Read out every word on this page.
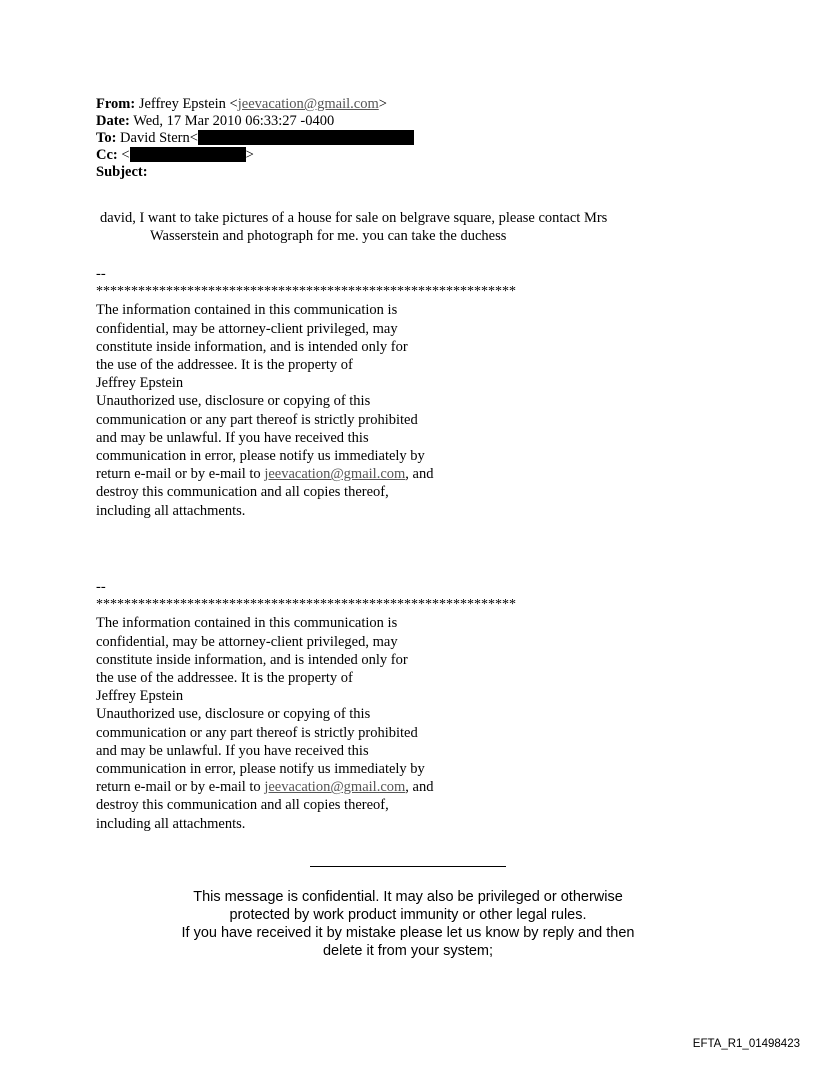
From: Jeffrey Epstein <jeevacation@gmail.com>
Date: Wed, 17 Mar 2010 06:33:27 -0400
To: David Stern<
Cc: <	>
Subject:
david, I want to take pictures of a house for sale on belgrave square, please contact Mrs
Wasserstein and photograph for me. you can take the duchess
--
************************************************************
The information contained in this communication is
confidential, may be attorney-client privileged, may
constitute inside information, and is intended only for
the use of the addressee. It is the property of
Jeffrey Epstein
Unauthorized use, disclosure or copying of this
communication or any part thereof is strictly prohibited
and may be unlawful. If you have received this
communication in error, please notify us immediately by
return e-mail or by e-mail to jeevacation@gmail.com, and
destroy this communication and all copies thereof,
including all attachments.
--
************************************************************
The information contained in this communication is
confidential, may be attorney-client privileged, may
constitute inside information, and is intended only for
the use of the addressee. It is the property of
Jeffrey Epstein
Unauthorized use, disclosure or copying of this
communication or any part thereof is strictly prohibited
and may be unlawful. If you have received this
communication in error, please notify us immediately by
return e-mail or by e-mail to jeevacation@gmail.com, and
destroy this communication and all copies thereof,
including all attachments.
This message is confidential. It may also be privileged or otherwise
protected by work product immunity or other legal rules.
If you have received it by mistake please let us know by reply and then
delete it from your system;
EFTA_R1_01498423
